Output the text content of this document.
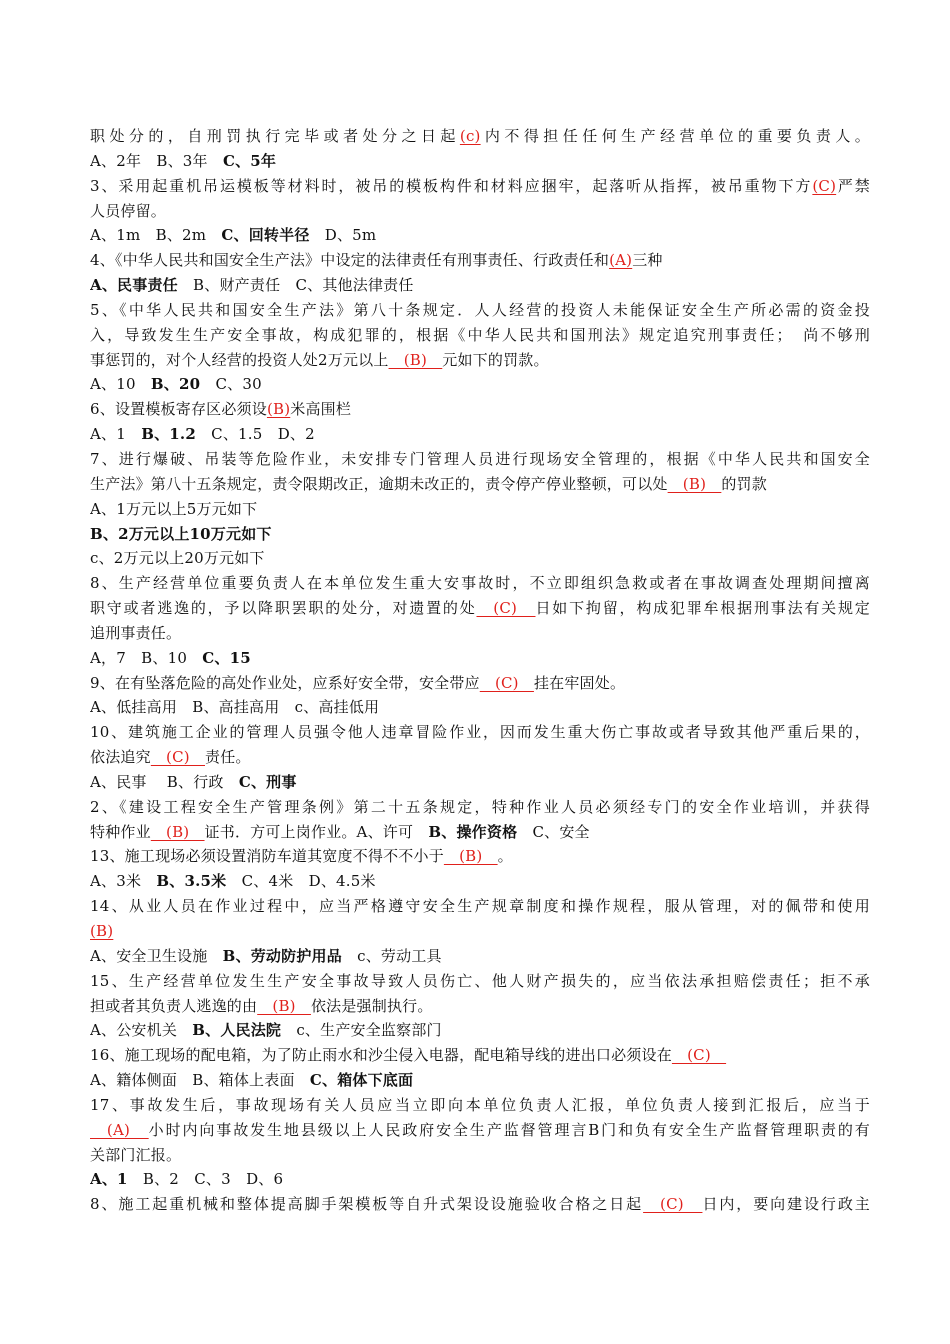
职处分的，自刑罚执行完毕或者处分之日起(c)内不得担任任何生产经营单位的重要负责人。
A、2年　B、3年　C、5年
3、采用起重机吊运模板等材料时，被吊的模板构件和材料应捆牢，起落听从指挥，被吊重物下方(C)严禁
人员停留。
A、1m　B、2m　C、回转半径　D、5m
4、《中华人民共和国安全生产法》中设定的法律责任有刑事责任、行政责任和(A)三种
A、民事责任　B、财产责任　C、其他法律责任
5、《中华人民共和国安全生产法》第八十条规定．人人经营的投资人未能保证安全生产所必需的资金投
入，导致发生生产安全事故，构成犯罪的，根据《中华人民共和国刑法》规定追究刑事责任；　尚不够刑
事惩罚的，对个人经营的投资人处2万元以上　(B)　元如下的罚款。
A、10　B、20　C、30
6、设置模板寄存区必须设(B)米高围栏
A、1　B、1.2　C、1.5　D、2
7、进行爆破、吊装等危险作业，未安排专门管理人员进行现场安全管理的，根据《中华人民共和国安全
生产法》第八十五条规定，责令限期改正，逾期未改正的，责令停产停业整顿，可以处　(B)　的罚款
A、1万元以上5万元如下
B、2万元以上10万元如下
c、2万元以上20万元如下
8、生产经营单位重要负责人在本单位发生重大安事故时，不立即组织急救或者在事故调查处理期间擅离
职守或者逃逸的，予以降职罢职的处分，对遗置的处　(C)　日如下拘留，构成犯罪牟根据刑事法有关规定
追刑事责任。
A，7　B、10　C、15
9、在有坠落危险的高处作业处，应系好安全带，安全带应　(C)　挂在牢固处。
A、低挂高用　B、高挂高用　c、高挂低用
10、建筑施工企业的管理人员强令他人违章冒险作业，因而发生重大伤亡事故或者导致其他严重后果的，
依法追究　(C)　责任。
A、民事　 B、行政　C、刑事
2、《建设工程安全生产管理条例》第二十五条规定，特种作业人员必须经专门的安全作业培训，并获得
特种作业　(B)　证书．方可上岗作业。A、许可　B、操作资格　C、安全
13、施工现场必须设置消防车道其宽度不得不不小于　(B)　。
A、3米　B、3.5米　C、4米　D、4.5米
14、从业人员在作业过程中，应当严格遵守安全生产规章制度和操作规程，服从管理，对的佩带和使用
(B)
A、安全卫生设施　B、劳动防护用品　c、劳动工具
15、生产经营单位发生生产安全事故导致人员伤亡、他人财产损失的，应当依法承担赔偿责任；拒不承
担或者其负责人逃逸的由　(B)　依法是强制执行。
A、公安机关　B、人民法院　c、生产安全监察部门
16、施工现场的配电箱，为了防止雨水和沙尘侵入电器，配电箱导线的进出口必须设在　(C)　
A、籍体侧面　B、箱体上表面　C、箱体下底面
17、事故发生后，事故现场有关人员应当立即向本单位负责人汇报，单位负责人接到汇报后，应当于
　(A)　小时内向事故发生地县级以上人民政府安全生产监督管理言B门和负有安全生产监督管理职责的有
关部门汇报。
A、1　B、2　C、3　D、6
8、施工起重机械和整体提高脚手架模板等自升式架设设施验收合格之日起　(C)　日内，要向建设行政主
